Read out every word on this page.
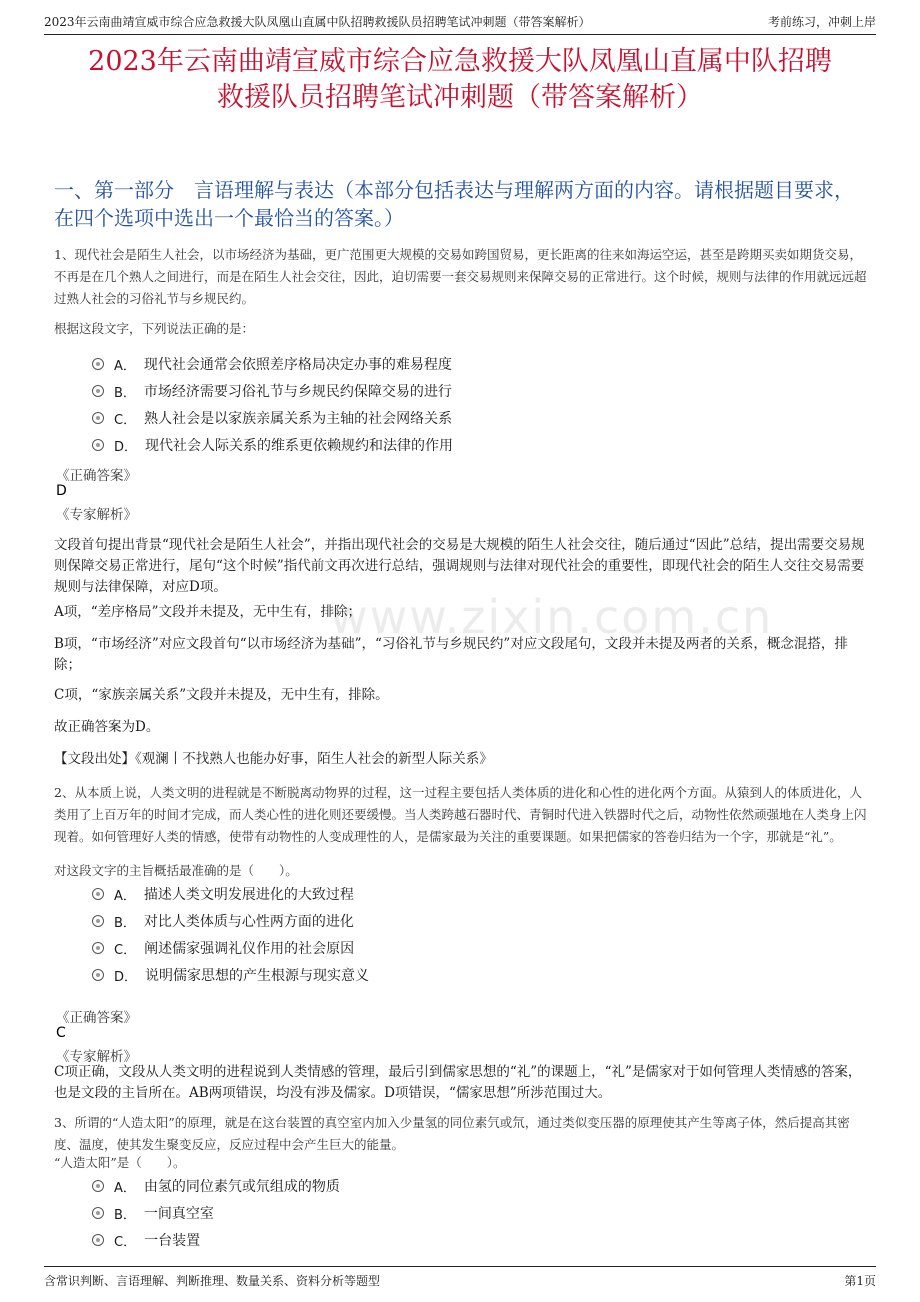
2023年云南曲靖宣威市综合应急救援大队凤凰山直属中队招聘救援队员招聘笔试冲刺题（带答案解析）	考前练习，冲刺上岸
2023年云南曲靖宣威市综合应急救援大队凤凰山直属中队招聘
救援队员招聘笔试冲刺题（带答案解析）
一、第一部分　言语理解与表达（本部分包括表达与理解两方面的内容。请根据题目要求，在四个选项中选出一个最恰当的答案。）
www.zixin.com.cn
1、现代社会是陌生人社会，以市场经济为基础，更广范围更大规模的交易如跨国贸易，更长距离的往来如海运空运，甚至是跨期买卖如期货交易，不再是在几个熟人之间进行，而是在陌生人社会交往，因此，迫切需要一套交易规则来保障交易的正常进行。这个时候，规则与法律的作用就远远超过熟人社会的习俗礼节与乡规民约。
根据这段文字，下列说法正确的是：
A． 现代社会通常会依照差序格局决定办事的难易程度
B． 市场经济需要习俗礼节与乡规民约保障交易的进行
C． 熟人社会是以家族亲属关系为主轴的社会网络关系
D． 现代社会人际关系的维系更依赖规约和法律的作用
《正确答案》
D
《专家解析》
文段首句提出背景“现代社会是陌生人社会”，并指出现代社会的交易是大规模的陌生人社会交往，随后通过“因此”总结，提出需要交易规则保障交易正常进行，尾句“这个时候”指代前文再次进行总结，强调规则与法律对现代社会的重要性，即现代社会的陌生人交往交易需要规则与法律保障，对应D项。
A项，“差序格局”文段并未提及，无中生有，排除；
B项，“市场经济”对应文段首句“以市场经济为基础”，“习俗礼节与乡规民约”对应文段尾句，文段并未提及两者的关系，概念混搭，排除；
C项，“家族亲属关系”文段并未提及，无中生有，排除。
故正确答案为D。
【文段出处】《观澜丨不找熟人也能办好事，陌生人社会的新型人际关系》
2、从本质上说，人类文明的进程就是不断脱离动物界的过程，这一过程主要包括人类体质的进化和心性的进化两个方面。从猿到人的体质进化，人类用了上百万年的时间才完成，而人类心性的进化则还要缓慢。当人类跨越石器时代、青铜时代进入铁器时代之后，动物性依然顽强地在人类身上闪现着。如何管理好人类的情感，使带有动物性的人变成理性的人，是儒家最为关注的重要课题。如果把儒家的答卷归结为一个字，那就是“礼”。
对这段文字的主旨概括最准确的是（　　）。
A． 描述人类文明发展进化的大致过程
B． 对比人类体质与心性两方面的进化
C． 阐述儒家强调礼仪作用的社会原因
D． 说明儒家思想的产生根源与现实意义
《正确答案》
C
《专家解析》
C项正确，文段从人类文明的进程说到人类情感的管理，最后引到儒家思想的“礼”的课题上，“礼”是儒家对于如何管理人类情感的答案，也是文段的主旨所在。AB两项错误，均没有涉及儒家。D项错误，“儒家思想”所涉范围过大。
3、所谓的“人造太阳”的原理，就是在这台装置的真空室内加入少量氢的同位素氕或氘，通过类似变压器的原理使其产生等离子体，然后提高其密度、温度，使其发生聚变反应，反应过程中会产生巨大的能量。
“人造太阳”是（　　）。
A． 由氢的同位素氕或氘组成的物质
B． 一间真空室
C． 一台装置
含常识判断、言语理解、判断推理、数量关系、资料分析等题型	第1页
